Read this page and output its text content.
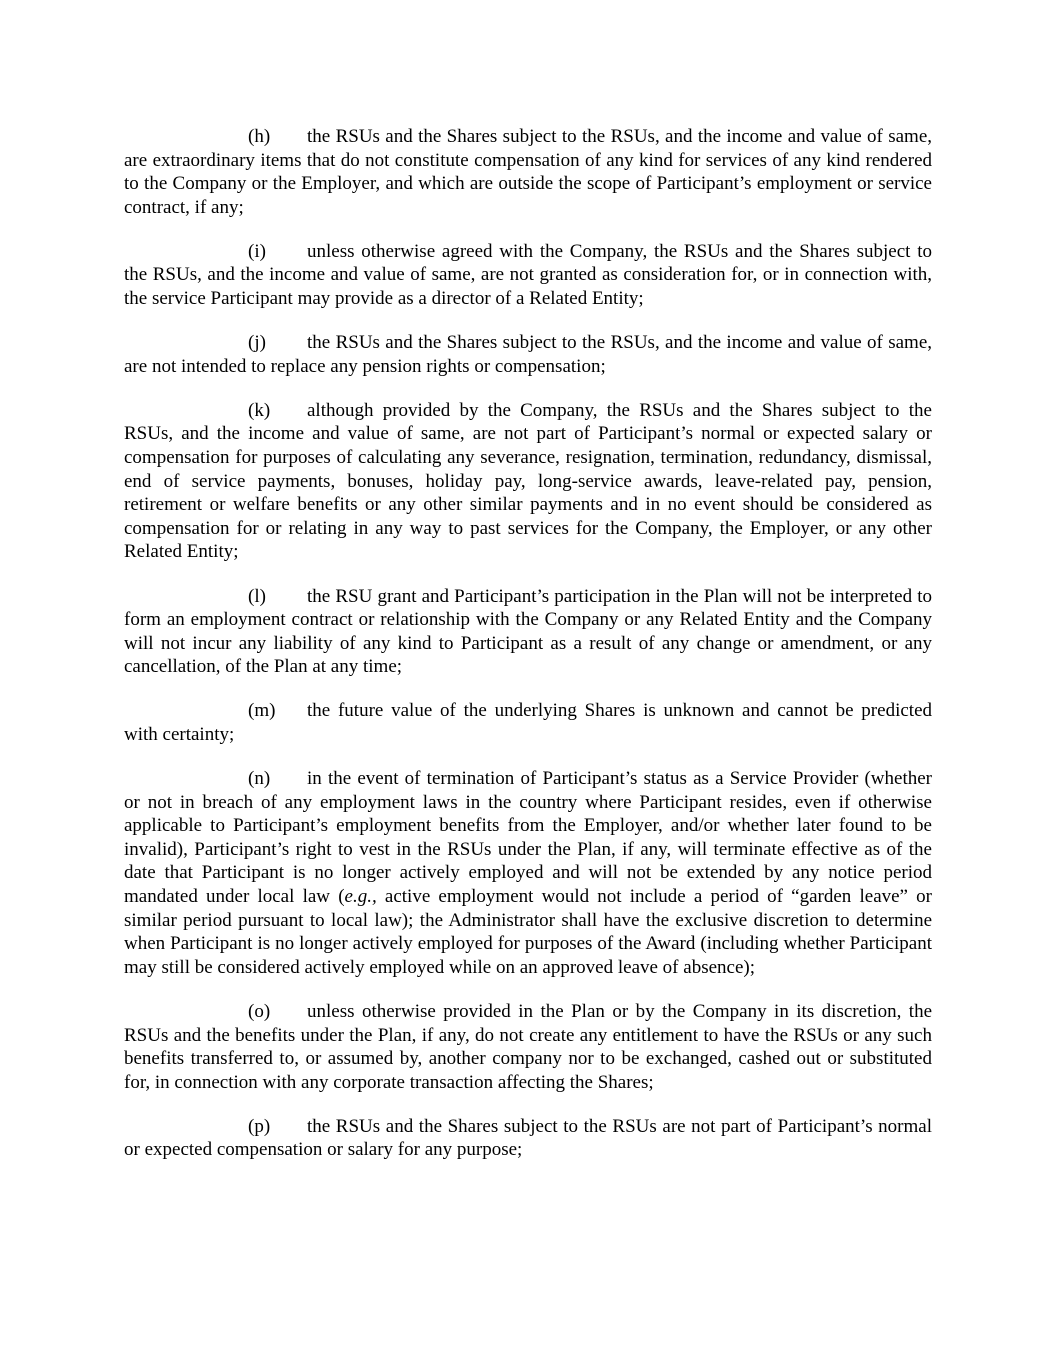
(h) the RSUs and the Shares subject to the RSUs, and the income and value of same, are extraordinary items that do not constitute compensation of any kind for services of any kind rendered to the Company or the Employer, and which are outside the scope of Participant’s employment or service contract, if any;

(i) unless otherwise agreed with the Company, the RSUs and the Shares subject to the RSUs, and the income and value of same, are not granted as consideration for, or in connection with, the service Participant may provide as a director of a Related Entity;

(j) the RSUs and the Shares subject to the RSUs, and the income and value of same, are not intended to replace any pension rights or compensation;

(k) although provided by the Company, the RSUs and the Shares subject to the RSUs, and the income and value of same, are not part of Participant’s normal or expected salary or compensation for purposes of calculating any severance, resignation, termination, redundancy, dismissal, end of service payments, bonuses, holiday pay, long-service awards, leave-related pay, pension, retirement or welfare benefits or any other similar payments and in no event should be considered as compensation for or relating in any way to past services for the Company, the Employer, or any other Related Entity;

(l) the RSU grant and Participant’s participation in the Plan will not be interpreted to form an employment contract or relationship with the Company or any Related Entity and the Company will not incur any liability of any kind to Participant as a result of any change or amendment, or any cancellation, of the Plan at any time;

(m) the future value of the underlying Shares is unknown and cannot be predicted with certainty;

(n) in the event of termination of Participant’s status as a Service Provider (whether or not in breach of any employment laws in the country where Participant resides, even if otherwise applicable to Participant’s employment benefits from the Employer, and/or whether later found to be invalid), Participant’s right to vest in the RSUs under the Plan, if any, will terminate effective as of the date that Participant is no longer actively employed and will not be extended by any notice period mandated under local law (e.g., active employment would not include a period of “garden leave” or similar period pursuant to local law); the Administrator shall have the exclusive discretion to determine when Participant is no longer actively employed for purposes of the Award (including whether Participant may still be considered actively employed while on an approved leave of absence);

(o) unless otherwise provided in the Plan or by the Company in its discretion, the RSUs and the benefits under the Plan, if any, do not create any entitlement to have the RSUs or any such benefits transferred to, or assumed by, another company nor to be exchanged, cashed out or substituted for, in connection with any corporate transaction affecting the Shares;

(p) the RSUs and the Shares subject to the RSUs are not part of Participant’s normal or expected compensation or salary for any purpose;
